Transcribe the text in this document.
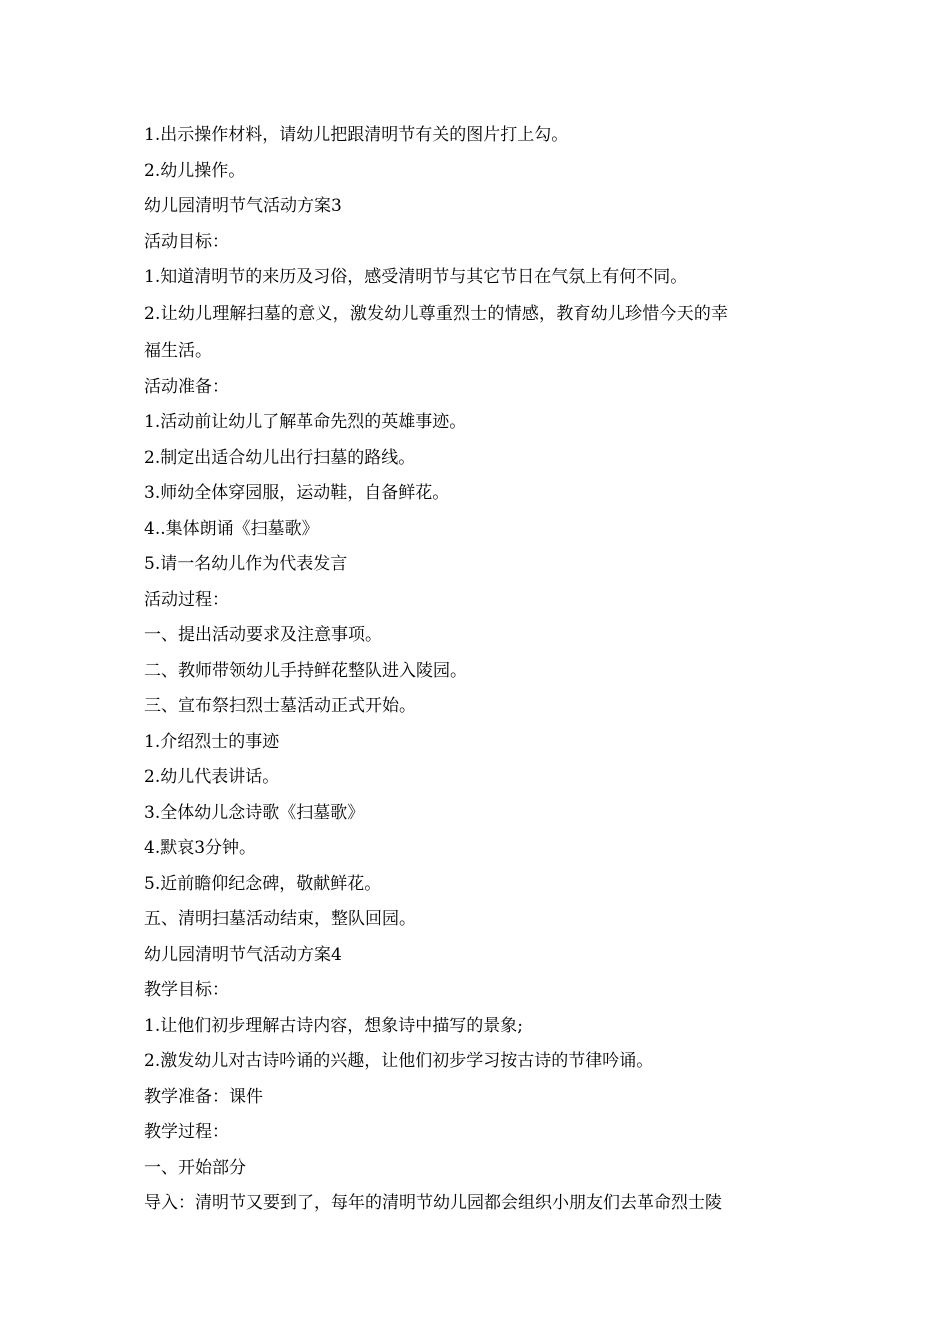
1.出示操作材料，请幼儿把跟清明节有关的图片打上勾。
2.幼儿操作。
幼儿园清明节气活动方案3
活动目标：
1.知道清明节的来历及习俗，感受清明节与其它节日在气氛上有何不同。
2.让幼儿理解扫墓的意义，激发幼儿尊重烈士的情感，教育幼儿珍惜今天的幸
福生活。
活动准备：
1.活动前让幼儿了解革命先烈的英雄事迹。
2.制定出适合幼儿出行扫墓的路线。
3.师幼全体穿园服，运动鞋，自备鲜花。
4..集体朗诵《扫墓歌》
5.请一名幼儿作为代表发言
活动过程：
一、提出活动要求及注意事项。
二、教师带领幼儿手持鲜花整队进入陵园。
三、宣布祭扫烈士墓活动正式开始。
1.介绍烈士的事迹
2.幼儿代表讲话。
3.全体幼儿念诗歌《扫墓歌》
4.默哀3分钟。
5.近前瞻仰纪念碑，敬献鲜花。
五、清明扫墓活动结束，整队回园。
幼儿园清明节气活动方案4
教学目标：
1.让他们初步理解古诗内容，想象诗中描写的景象;
2.激发幼儿对古诗吟诵的兴趣，让他们初步学习按古诗的节律吟诵。
教学准备：课件
教学过程：
一、开始部分
导入：清明节又要到了，每年的清明节幼儿园都会组织小朋友们去革命烈士陵
